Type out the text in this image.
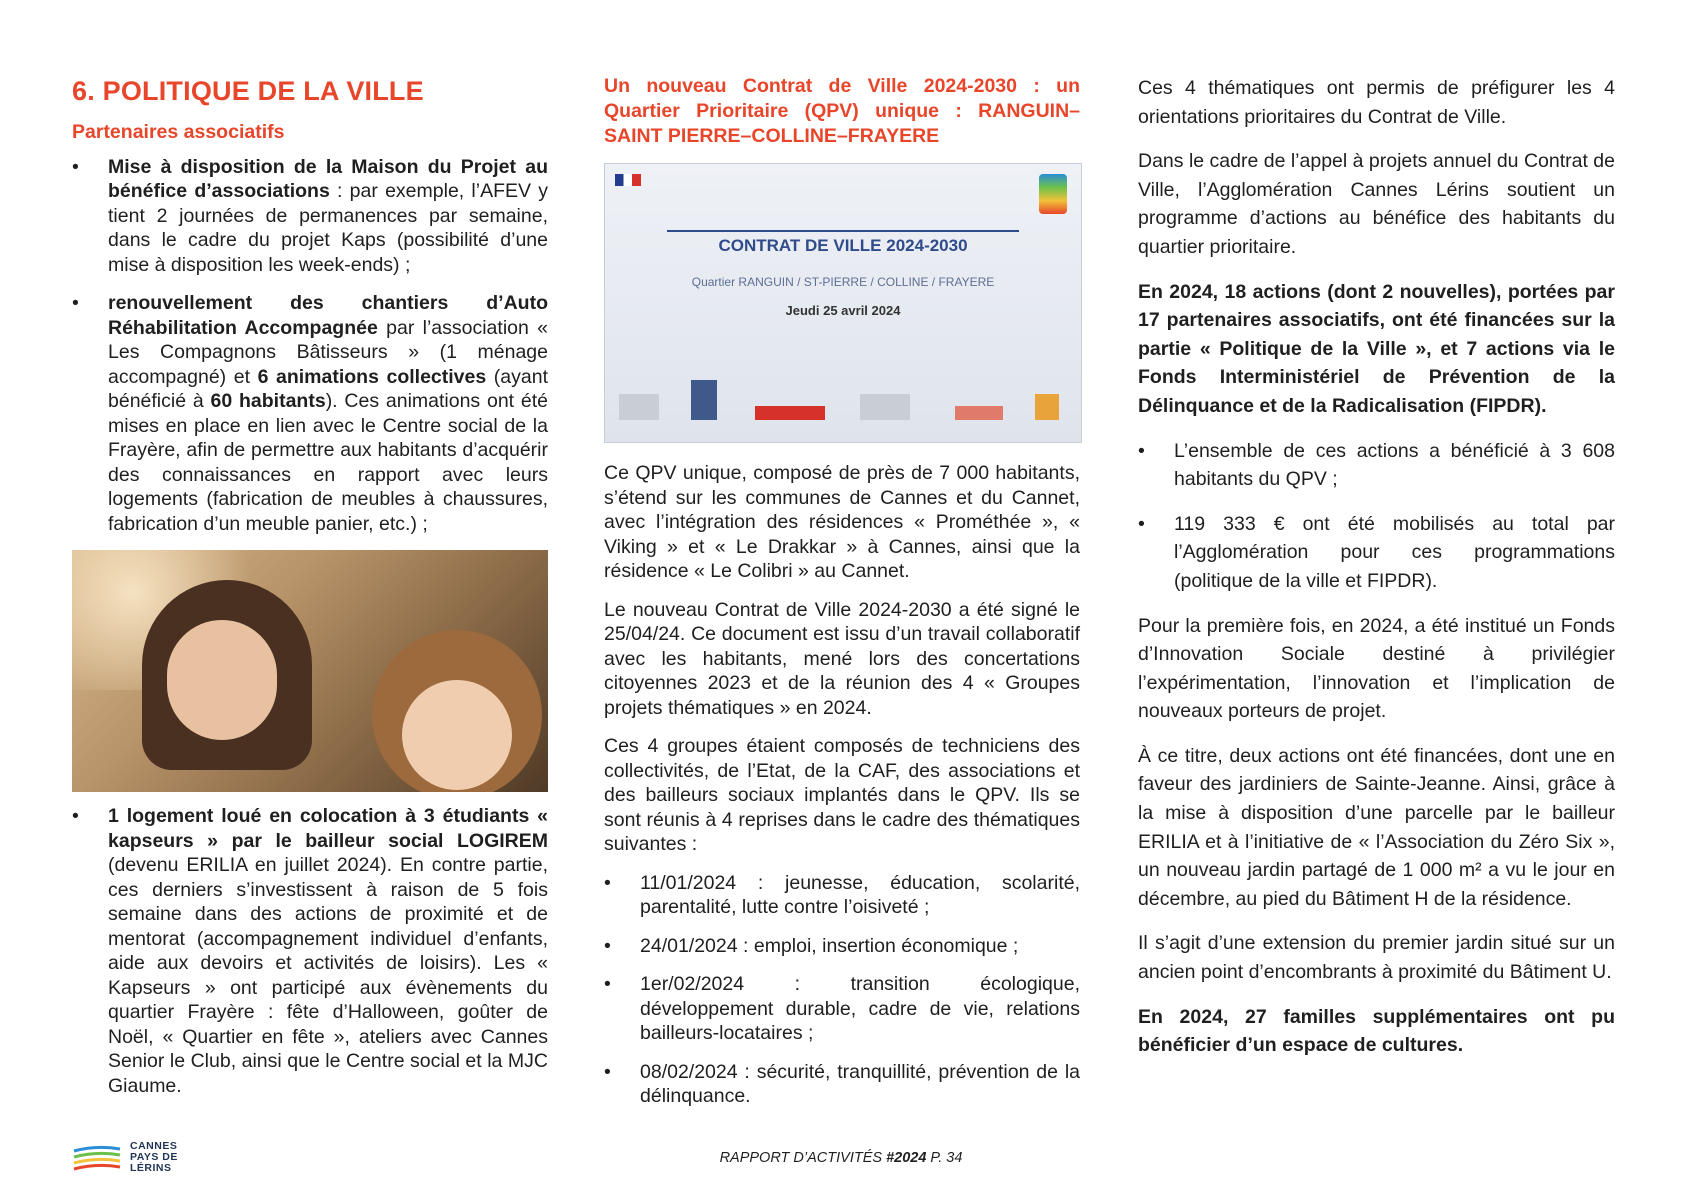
6. POLITIQUE DE LA VILLE
Partenaires associatifs
• Mise à disposition de la Maison du Projet au bénéfice d’associations : par exemple, l’AFEV y tient 2 journées de permanences par semaine, dans le cadre du projet Kaps (possibilité d’une mise à disposition les week-ends) ;
• renouvellement des chantiers d’Auto Réhabilitation Accompagnée par l’association « Les Compagnons Bâtisseurs » (1 ménage accompagné) et 6 animations collectives (ayant bénéficié à 60 habitants). Ces animations ont été mises en place en lien avec le Centre social de la Frayère, afin de permettre aux habitants d’acquérir des connaissances en rapport avec leurs logements (fabrication de meubles à chaussures, fabrication d’un meuble panier, etc.) ;
• 1 logement loué en colocation à 3 étudiants « kapseurs » par le bailleur social LOGIREM (devenu ERILIA en juillet 2024). En contre partie, ces derniers s’investissent à raison de 5 fois semaine dans des actions de proximité et de mentorat (accompagnement individuel d’enfants, aide aux devoirs et activités de loisirs). Les « Kapseurs » ont participé aux évènements du quartier Frayère : fête d’Halloween, goûter de Noël, « Quartier en fête », ateliers avec Cannes Senior le Club, ainsi que le Centre social et la MJC Giaume.
Un nouveau Contrat de Ville 2024-2030 : un Quartier Prioritaire (QPV) unique : RANGUIN–SAINT PIERRE–COLLINE–FRAYERE
CONTRAT DE VILLE 2024-2030
Quartier RANGUIN / ST-PIERRE / COLLINE / FRAYERE
Jeudi 25 avril 2024

Ce QPV unique, composé de près de 7 000 habitants, s’étend sur les communes de Cannes et du Cannet, avec l’intégration des résidences « Prométhée », « Viking » et « Le Drakkar » à Cannes, ainsi que la résidence « Le Colibri » au Cannet.

Le nouveau Contrat de Ville 2024-2030 a été signé le 25/04/24. Ce document est issu d’un travail collaboratif avec les habitants, mené lors des concertations citoyennes 2023 et de la réunion des 4 « Groupes projets thématiques » en 2024.

Ces 4 groupes étaient composés de techniciens des collectivités, de l’Etat, de la CAF, des associations et des bailleurs sociaux implantés dans le QPV. Ils se sont réunis à 4 reprises dans le cadre des thématiques suivantes :

• 11/01/2024 : jeunesse, éducation, scolarité, parentalité, lutte contre l’oisiveté ;
• 24/01/2024 : emploi, insertion économique ;
• 1er/02/2024 : transition écologique, développement durable, cadre de vie, relations bailleurs-locataires ;
• 08/02/2024 : sécurité, tranquillité, prévention de la délinquance.

Ces 4 thématiques ont permis de préfigurer les 4 orientations prioritaires du Contrat de Ville.

Dans le cadre de l’appel à projets annuel du Contrat de Ville, l’Agglomération Cannes Lérins soutient un programme d’actions au bénéfice des habitants du quartier prioritaire.

En 2024, 18 actions (dont 2 nouvelles), portées par 17 partenaires associatifs, ont été financées sur la partie « Politique de la Ville », et 7 actions via le Fonds Interministériel de Prévention de la Délinquance et de la Radicalisation (FIPDR).

• L’ensemble de ces actions a bénéficié à 3 608 habitants du QPV ;
• 119 333 € ont été mobilisés au total par l’Agglomération pour ces programmations (politique de la ville et FIPDR).

Pour la première fois, en 2024, a été institué un Fonds d’Innovation Sociale destiné à privilégier l’expérimentation, l’innovation et l’implication de nouveaux porteurs de projet.

À ce titre, deux actions ont été financées, dont une en faveur des jardiniers de Sainte-Jeanne. Ainsi, grâce à la mise à disposition d’une parcelle par le bailleur ERILIA et à l’initiative de « l’Association du Zéro Six », un nouveau jardin partagé de 1 000 m² a vu le jour en décembre, au pied du Bâtiment H de la résidence.

Il s’agit d’une extension du premier jardin situé sur un ancien point d’encombrants à proximité du Bâtiment U.

En 2024, 27 familles supplémentaires ont pu bénéficier d’un espace de cultures.

CANNES PAYS DE LÉRINS
RAPPORT D’ACTIVITÉS #2024 P. 34
